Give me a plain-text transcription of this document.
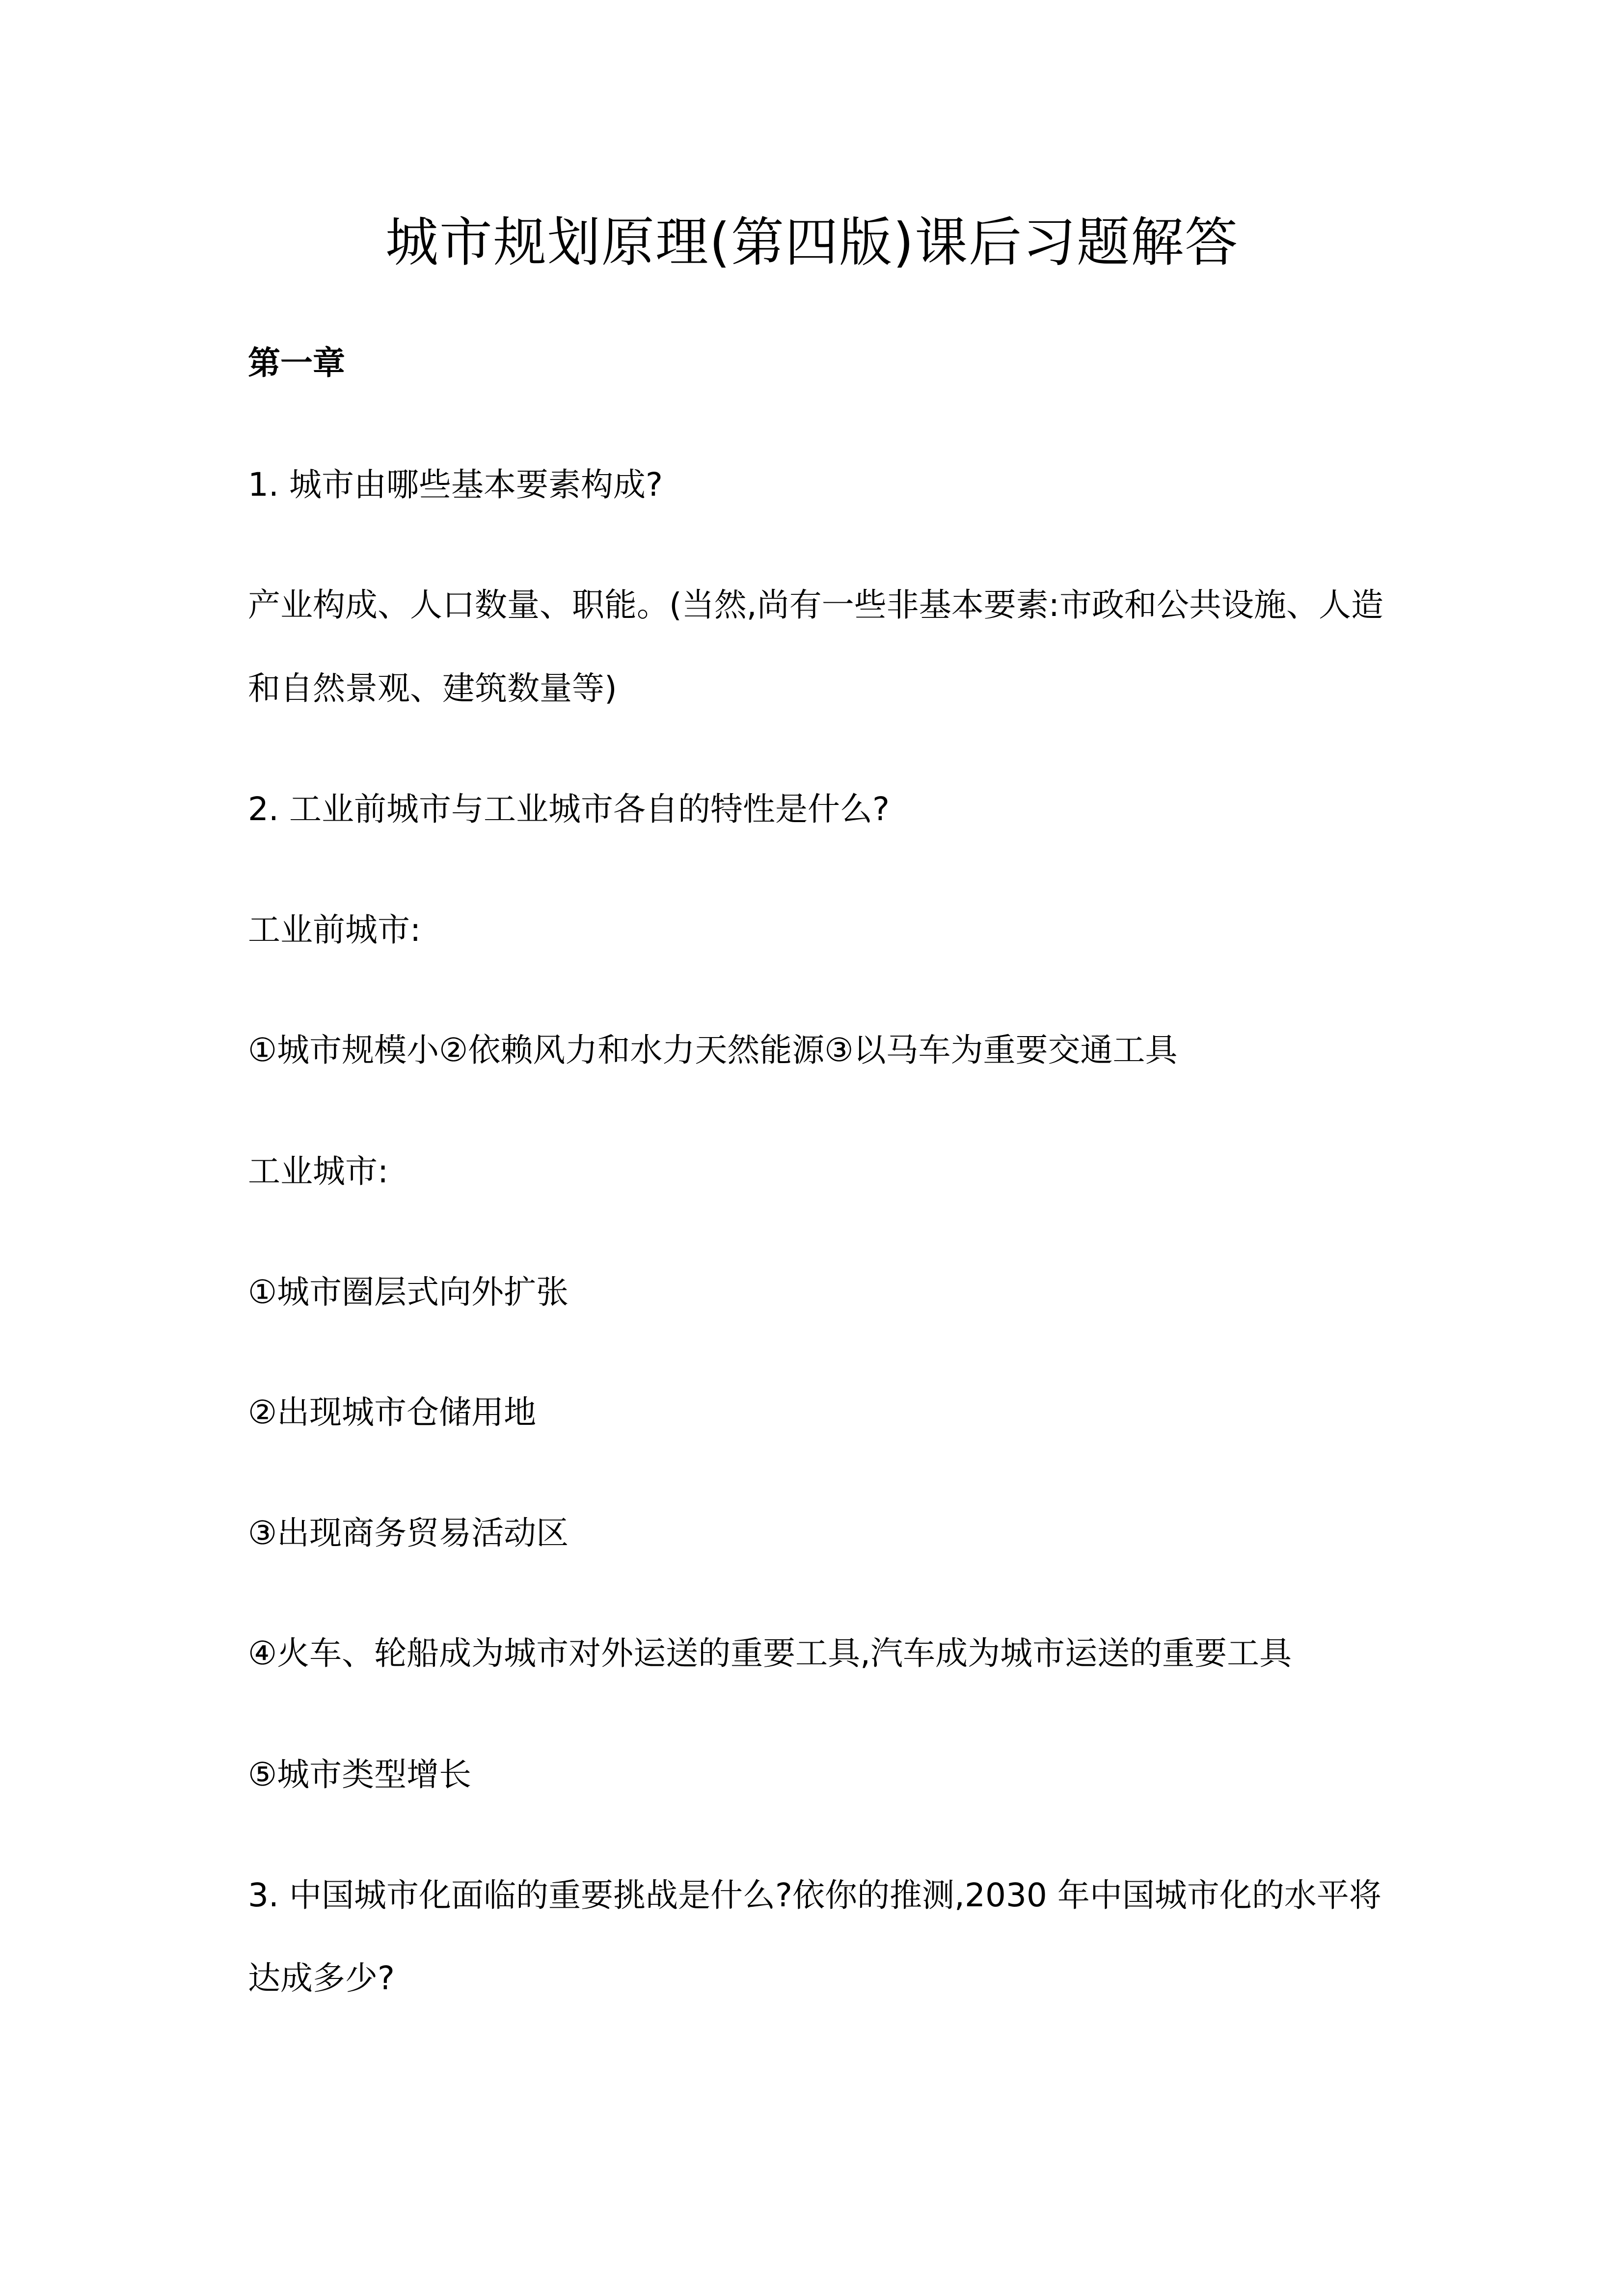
城市规划原理(第四版)课后习题解答
第一章
1. 城市由哪些基本要素构成?
产业构成、人口数量、职能。(当然,尚有一些非基本要素:市政和公共设施、人造
和自然景观、建筑数量等)
2. 工业前城市与工业城市各自的特性是什么?
工业前城市:
①城市规模小②依赖风力和水力天然能源③以马车为重要交通工具
工业城市:
①城市圈层式向外扩张
②出现城市仓储用地
③出现商务贸易活动区
④火车、轮船成为城市对外运送的重要工具,汽车成为城市运送的重要工具
⑤城市类型增长
3. 中国城市化面临的重要挑战是什么?依你的推测,2030 年中国城市化的水平将
达成多少?
